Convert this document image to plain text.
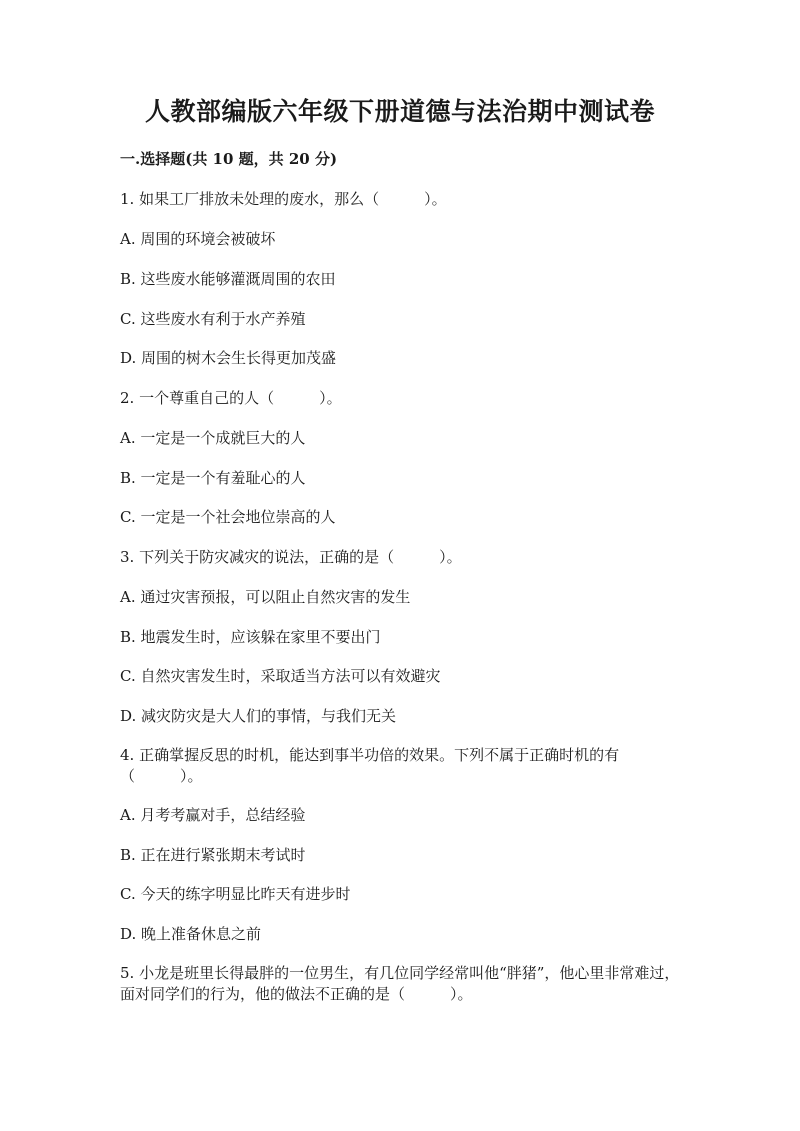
人教部编版六年级下册道德与法治期中测试卷
一.选择题(共 10 题，共 20 分)
1. 如果工厂排放未处理的废水，那么（　　　）。
A. 周围的环境会被破坏
B. 这些废水能够灌溉周围的农田
C. 这些废水有利于水产养殖
D. 周围的树木会生长得更加茂盛
2. 一个尊重自己的人（　　　）。
A. 一定是一个成就巨大的人
B. 一定是一个有羞耻心的人
C. 一定是一个社会地位崇高的人
3. 下列关于防灾减灾的说法，正确的是（　　　）。
A. 通过灾害预报，可以阻止自然灾害的发生
B. 地震发生时，应该躲在家里不要出门
C. 自然灾害发生时，采取适当方法可以有效避灾
D. 减灾防灾是大人们的事情，与我们无关
4. 正确掌握反思的时机，能达到事半功倍的效果。下列不属于正确时机的有（　　　）。
A. 月考考赢对手，总结经验
B. 正在进行紧张期末考试时
C. 今天的练字明显比昨天有进步时
D. 晚上准备休息之前
5. 小龙是班里长得最胖的一位男生，有几位同学经常叫他“胖猪”，他心里非常难过，面对同学们的行为，他的做法不正确的是（　　　）。
